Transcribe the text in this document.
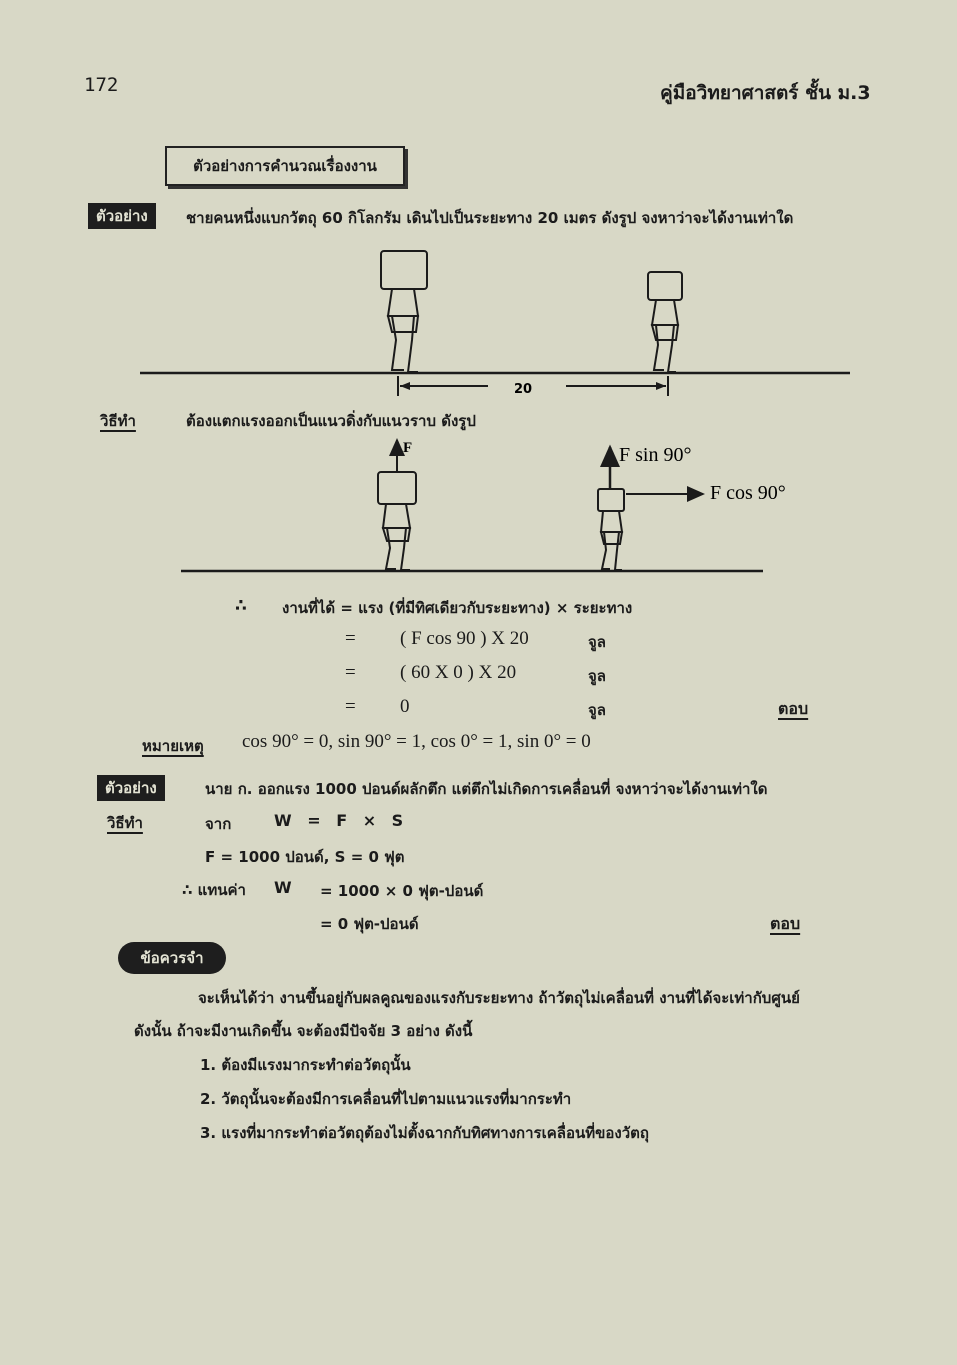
172	คู่มือวิทยาศาสตร์ ชั้น ม.3
ตัวอย่างการคำนวณเรื่องงาน
ตัวอย่าง	ชายคนหนึ่งแบกวัตถุ 60 กิโลกรัม เดินไปเป็นระยะทาง 20 เมตร ดังรูป จงหาว่าจะได้งานเท่าใด
20
F	F sin 90°
F cos 90°
วิธีทำ	ต้องแตกแรงออกเป็นแนวดิ่งกับแนวราบ ดังรูป
∴ งานที่ได้ = แรง (ที่มีทิศเดียวกับระยะทาง) × ระยะทาง
= ( F cos 90 ) X 20	จูล
= ( 60 X 0 ) X 20	จูล
= 0	จูล	ตอบ
หมายเหตุ cos 90° = 0, sin 90° = 1, cos 0° = 1, sin 0° = 0
ตัวอย่าง	นาย ก. ออกแรง 1000 ปอนด์ผลักตึก แต่ตึกไม่เกิดการเคลื่อนที่ จงหาว่าจะได้งานเท่าใด
วิธีทำ	จาก	W = F × S
F = 1000 ปอนด์, S = 0 ฟุต
∴ แทนค่า W = 1000 × 0 ฟุต-ปอนด์
= 0 ฟุต-ปอนด์	ตอบ
ข้อควรจำ
จะเห็นได้ว่า งานขึ้นอยู่กับผลคูณของแรงกับระยะทาง ถ้าวัตถุไม่เคลื่อนที่ งานที่ได้จะเท่ากับศูนย์
ดังนั้น ถ้าจะมีงานเกิดขึ้น จะต้องมีปัจจัย 3 อย่าง ดังนี้
1. ต้องมีแรงมากระทำต่อวัตถุนั้น
2. วัตถุนั้นจะต้องมีการเคลื่อนที่ไปตามแนวแรงที่มากระทำ
3. แรงที่มากระทำต่อวัตถุต้องไม่ตั้งฉากกับทิศทางการเคลื่อนที่ของวัตถุ
